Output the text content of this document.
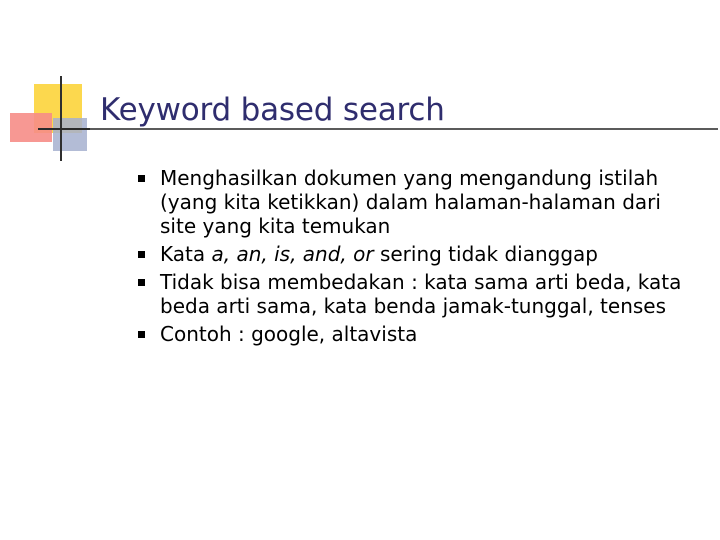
Keyword based search
Menghasilkan dokumen yang mengandung istilah (yang kita ketikkan) dalam halaman-halaman dari site yang kita temukan
Kata a, an, is, and, or sering tidak dianggap
Tidak bisa membedakan : kata sama arti beda, kata beda arti sama, kata benda jamak-tunggal, tenses
Contoh : google, altavista
